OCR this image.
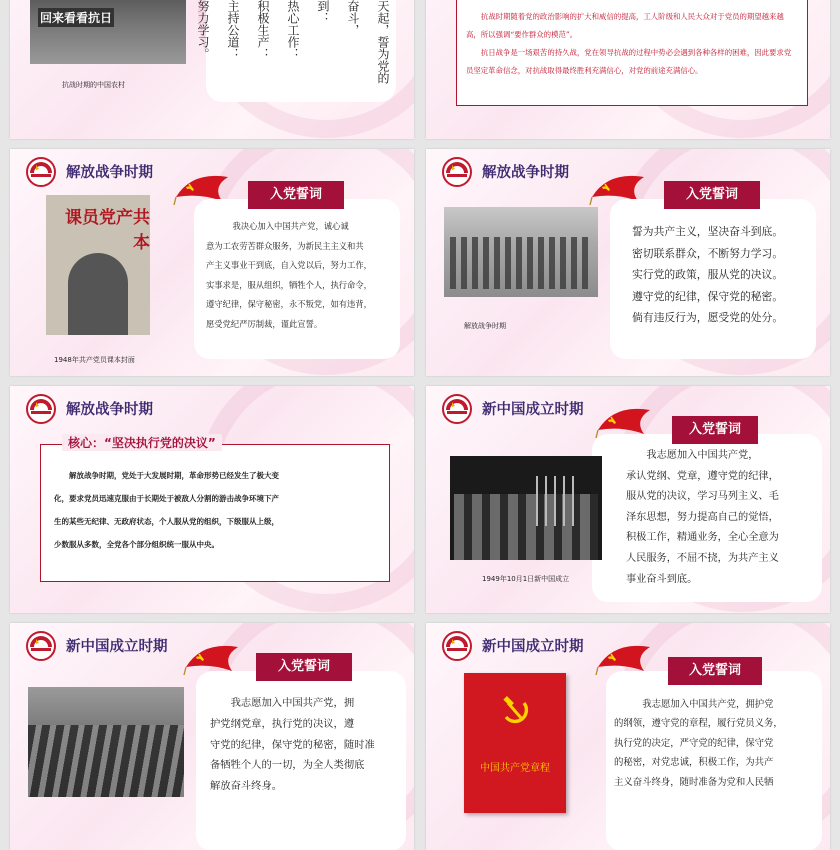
回来看看抗日
抗战时期的中国农村
天起，誓为党的
奋斗，
到：
热心工作：
积极生产：
主持公道：
努力学习。	抗战时期随着党的政治影响的扩大和威信的提高，工人阶级和人民大众对于党员的期望越来越高，所以强调“要作群众的模范”。

抗日战争是一场艰苦的持久战，党在领导抗战的过程中势必会遇到各种各样的困难，因此要求党员坚定革命信念，对抗战取得最终胜利充满信心，对党的前途充满信心。

解放战争时期
入党誓词
共产党员课本
1948年共产党员课本封面

我决心加入中国共产党，诚心诚

意为工农劳苦群众服务，为新民主主义和共

产主义事业干到底，自入党以后，努力工作，

实事求是，服从组织，牺牲个人，执行命令，

遵守纪律，保守秘密，永不叛党，如有违背，

愿受党纪严厉制裁，谨此宣誓。

解放战争时期
入党誓词
解放战争时期

誓为共产主义，坚决奋斗到底。

密切联系群众，不断努力学习。

实行党的政策，服从党的决议。

遵守党的纪律，保守党的秘密。

倘有违反行为，愿受党的处分。

解放战争时期
核心：“坚决执行党的决议”

解放战争时期，党处于大发展时期，革命形势已经发生了极大变

化，要求党员迅速克服由于长期处于被敌人分割的游击战争环境下产

生的某些无纪律、无政府状态，个人服从党的组织，下级服从上级，

少数服从多数，全党各个部分组织统一服从中央。

新中国成立时期
入党誓词
1949年10月1日新中国成立

我志愿加入中国共产党，

承认党纲、党章，遵守党的纪律，

服从党的决议，学习马列主义、毛

泽东思想，努力提高自己的觉悟，

积极工作，精通业务，全心全意为

人民服务，不屈不挠，为共产主义

事业奋斗到底。

新中国成立时期
入党誓词

我志愿加入中国共产党，拥

护党纲党章，执行党的决议，遵

守党的纪律，保守党的秘密，随时准

备牺牲个人的一切，为全人类彻底

解放奋斗终身。

新中国成立时期
入党誓词
中国共产党章程

我志愿加入中国共产党，拥护党

的纲领，遵守党的章程，履行党员义务，

执行党的决定，严守党的纪律，保守党

的秘密，对党忠诚，积极工作，为共产

主义奋斗终身，随时准备为党和人民牺
